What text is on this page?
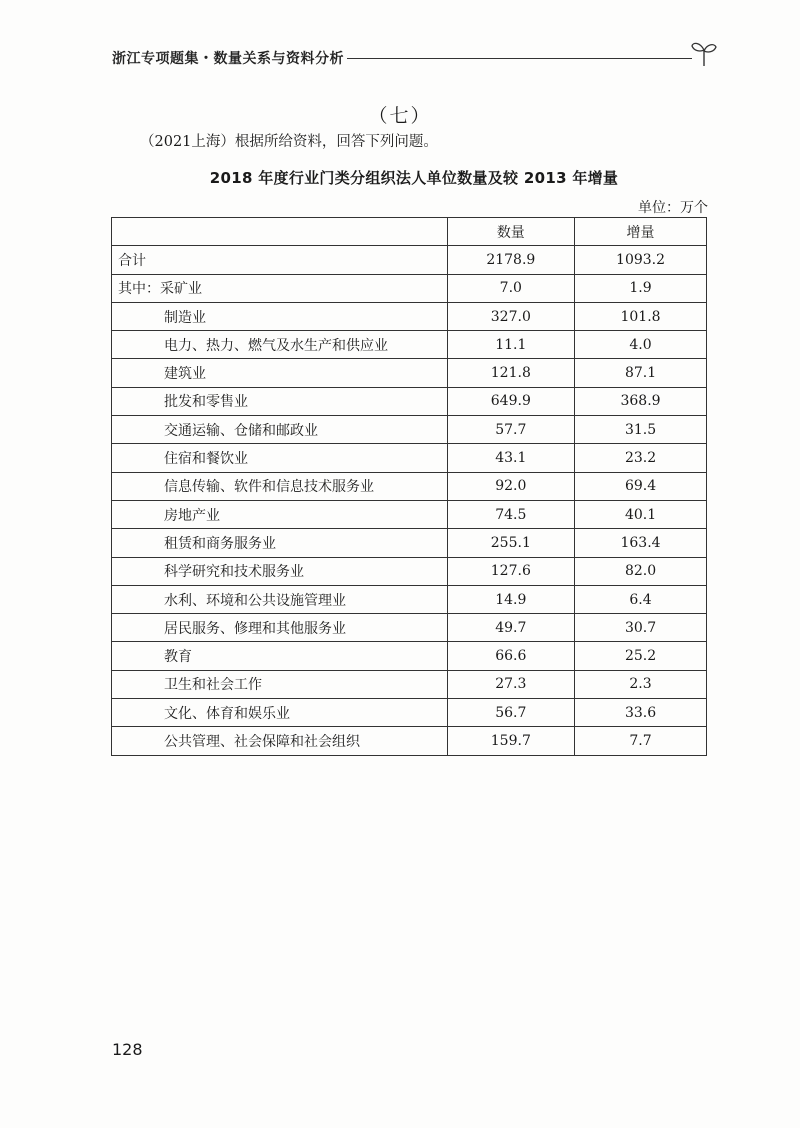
浙江专项题集・数量关系与资料分析
（七）
（2021上海）根据所给资料，回答下列问题。
2018 年度行业门类分组织法人单位数量及较 2013 年增量
单位：万个
	数量	增量
合计	2178.9	1093.2
其中：采矿业	7.0	1.9
制造业	327.0	101.8
电力、热力、燃气及水生产和供应业	11.1	4.0
建筑业	121.8	87.1
批发和零售业	649.9	368.9
交通运输、仓储和邮政业	57.7	31.5
住宿和餐饮业	43.1	23.2
信息传输、软件和信息技术服务业	92.0	69.4
房地产业	74.5	40.1
租赁和商务服务业	255.1	163.4
科学研究和技术服务业	127.6	82.0
水利、环境和公共设施管理业	14.9	6.4
居民服务、修理和其他服务业	49.7	30.7
教育	66.6	25.2
卫生和社会工作	27.3	2.3
文化、体育和娱乐业	56.7	33.6
公共管理、社会保障和社会组织	159.7	7.7
128
